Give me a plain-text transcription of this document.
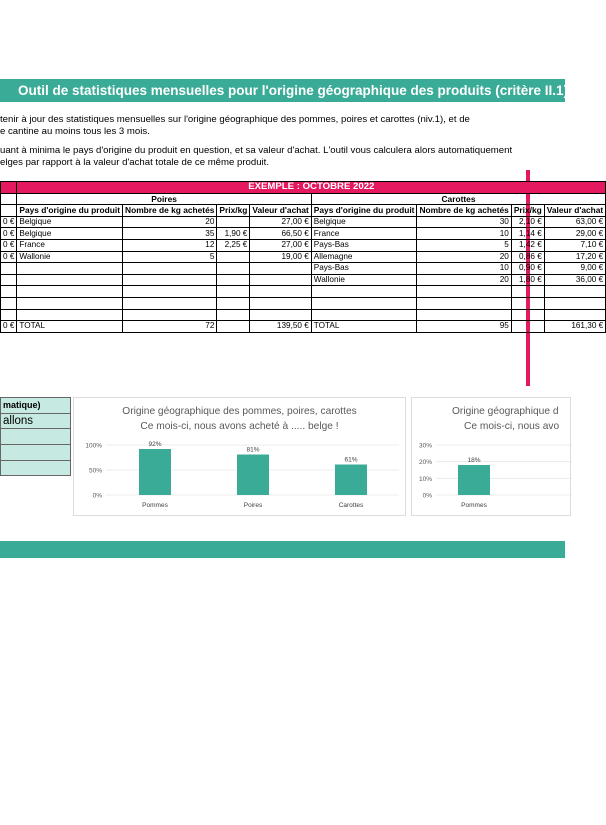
Outil de statistiques mensuelles pour l'origine géographique des produits (critère II.1)
tenir à jour des statistiques mensuelles sur l'origine géographique des pommes, poires et carottes (niv.1), et de
e cantine au moins tous les 3 mois.
uant à minima le pays d'origine du produit en question, et sa valeur d'achat. L'outil vous calculera alors automatiquement
elges par rapport à la valeur d'achat totale de ce même produit.
	EXEMPLE : OCTOBRE 2022							
	Poires				Carottes			
	Pays d'origine du produit	Nombre de kg achetés	Prix/kg	Valeur d'achat	Pays d'origine du produit	Nombre de kg achetés	Prix/kg	Valeur d'achat
0 €	Belgique	20		27,00 €	Belgique	30	2,10 €	63,00 €
0 €	Belgique	35	1,90 €	66,50 €	France	10	1,14 €	29,00 €
0 €	France	12	2,25 €	27,00 €	Pays-Bas	5	1,42 €	7,10 €
0 €	Wallonie	5		19,00 €	Allemagne	20	0,86 €	17,20 €
					Pays-Bas	10	0,90 €	9,00 €
					Wallonie	20	1,80 €	36,00 €

0 €	TOTAL	72		139,50 €	TOTAL	95		161,30 €
matique)
allons

Origine géographique des pommes, poires, carottes
Ce mois-ci, nous avons acheté à ..... belge !
100%
50%
0%
92%
Pommes
81%
Poires
61%
Carottes
Origine géographique d
Ce mois-ci, nous avo
30%
20%
10%
0%
18%
Pommes
